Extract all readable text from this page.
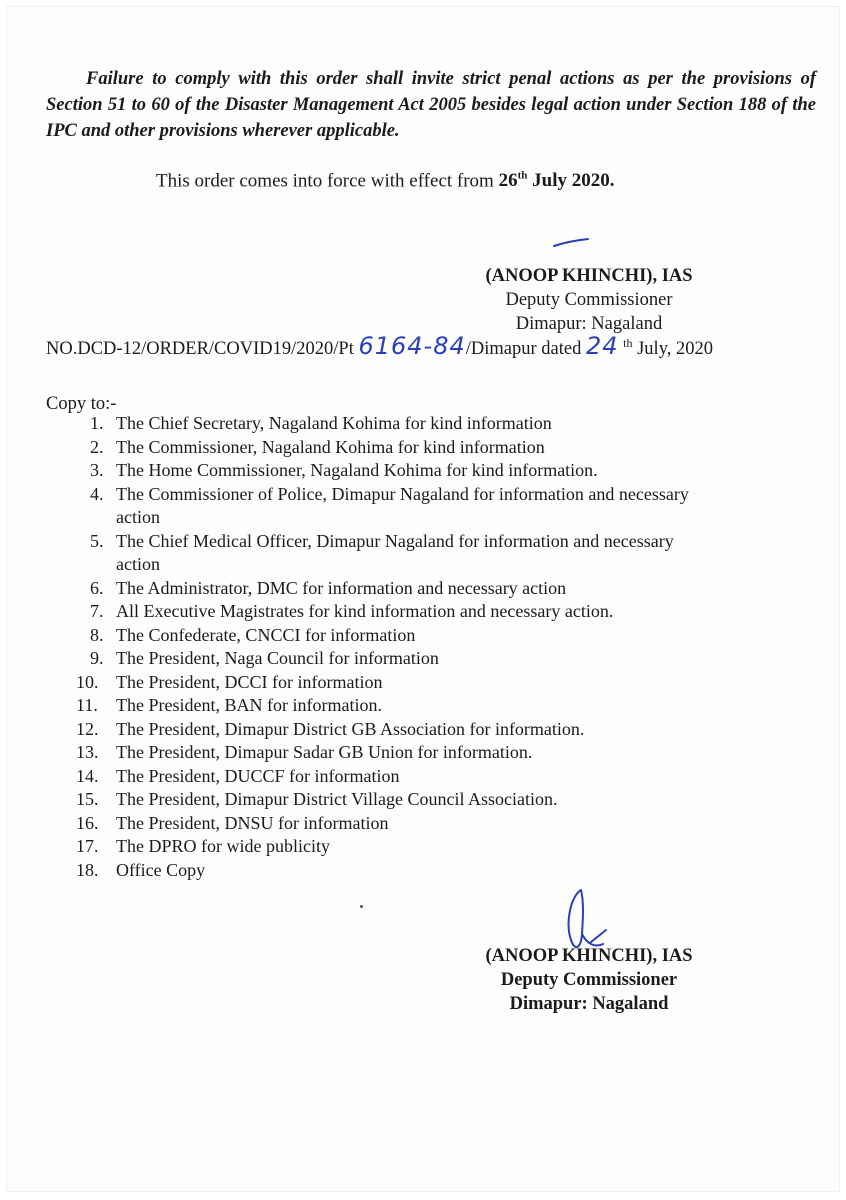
Failure to comply with this order shall invite strict penal actions as per the provisions of Section 51 to 60 of the Disaster Management Act 2005 besides legal action under Section 188 of the IPC and other provisions wherever applicable.

This order comes into force with effect from 26th July 2020.

(ANOOP KHINCHI), IAS
Deputy Commissioner
Dimapur: Nagaland
NO.DCD-12/ORDER/COVID19/2020/Pt 6164-84/Dimapur dated 24 $^{th}$ July, 2020

Copy to:-

1. The Chief Secretary, Nagaland Kohima for kind information
2. The Commissioner, Nagaland Kohima for kind information
3. The Home Commissioner, Nagaland Kohima for kind information.
4. The Commissioner of Police, Dimapur Nagaland for information and necessary
action
5. The Chief Medical Officer, Dimapur Nagaland for information and necessary
action
6. The Administrator, DMC for information and necessary action
7. All Executive Magistrates for kind information and necessary action.
8. The Confederate, CNCCI for information
9. The President, Naga Council for information
10. The President, DCCI for information
11.	The President, BAN for information.
12. The President, Dimapur District GB Association for information.
13. The President, Dimapur Sadar GB Union for information.
14. The President, DUCCF for information
15. The President, Dimapur District Village Council Association.
16. The President, DNSU for information
17. The DPRO for wide publicity
18. Office Copy
(ANOOP KHINCHI), IAS
Deputy Commissioner
Dimapur: Nagaland
